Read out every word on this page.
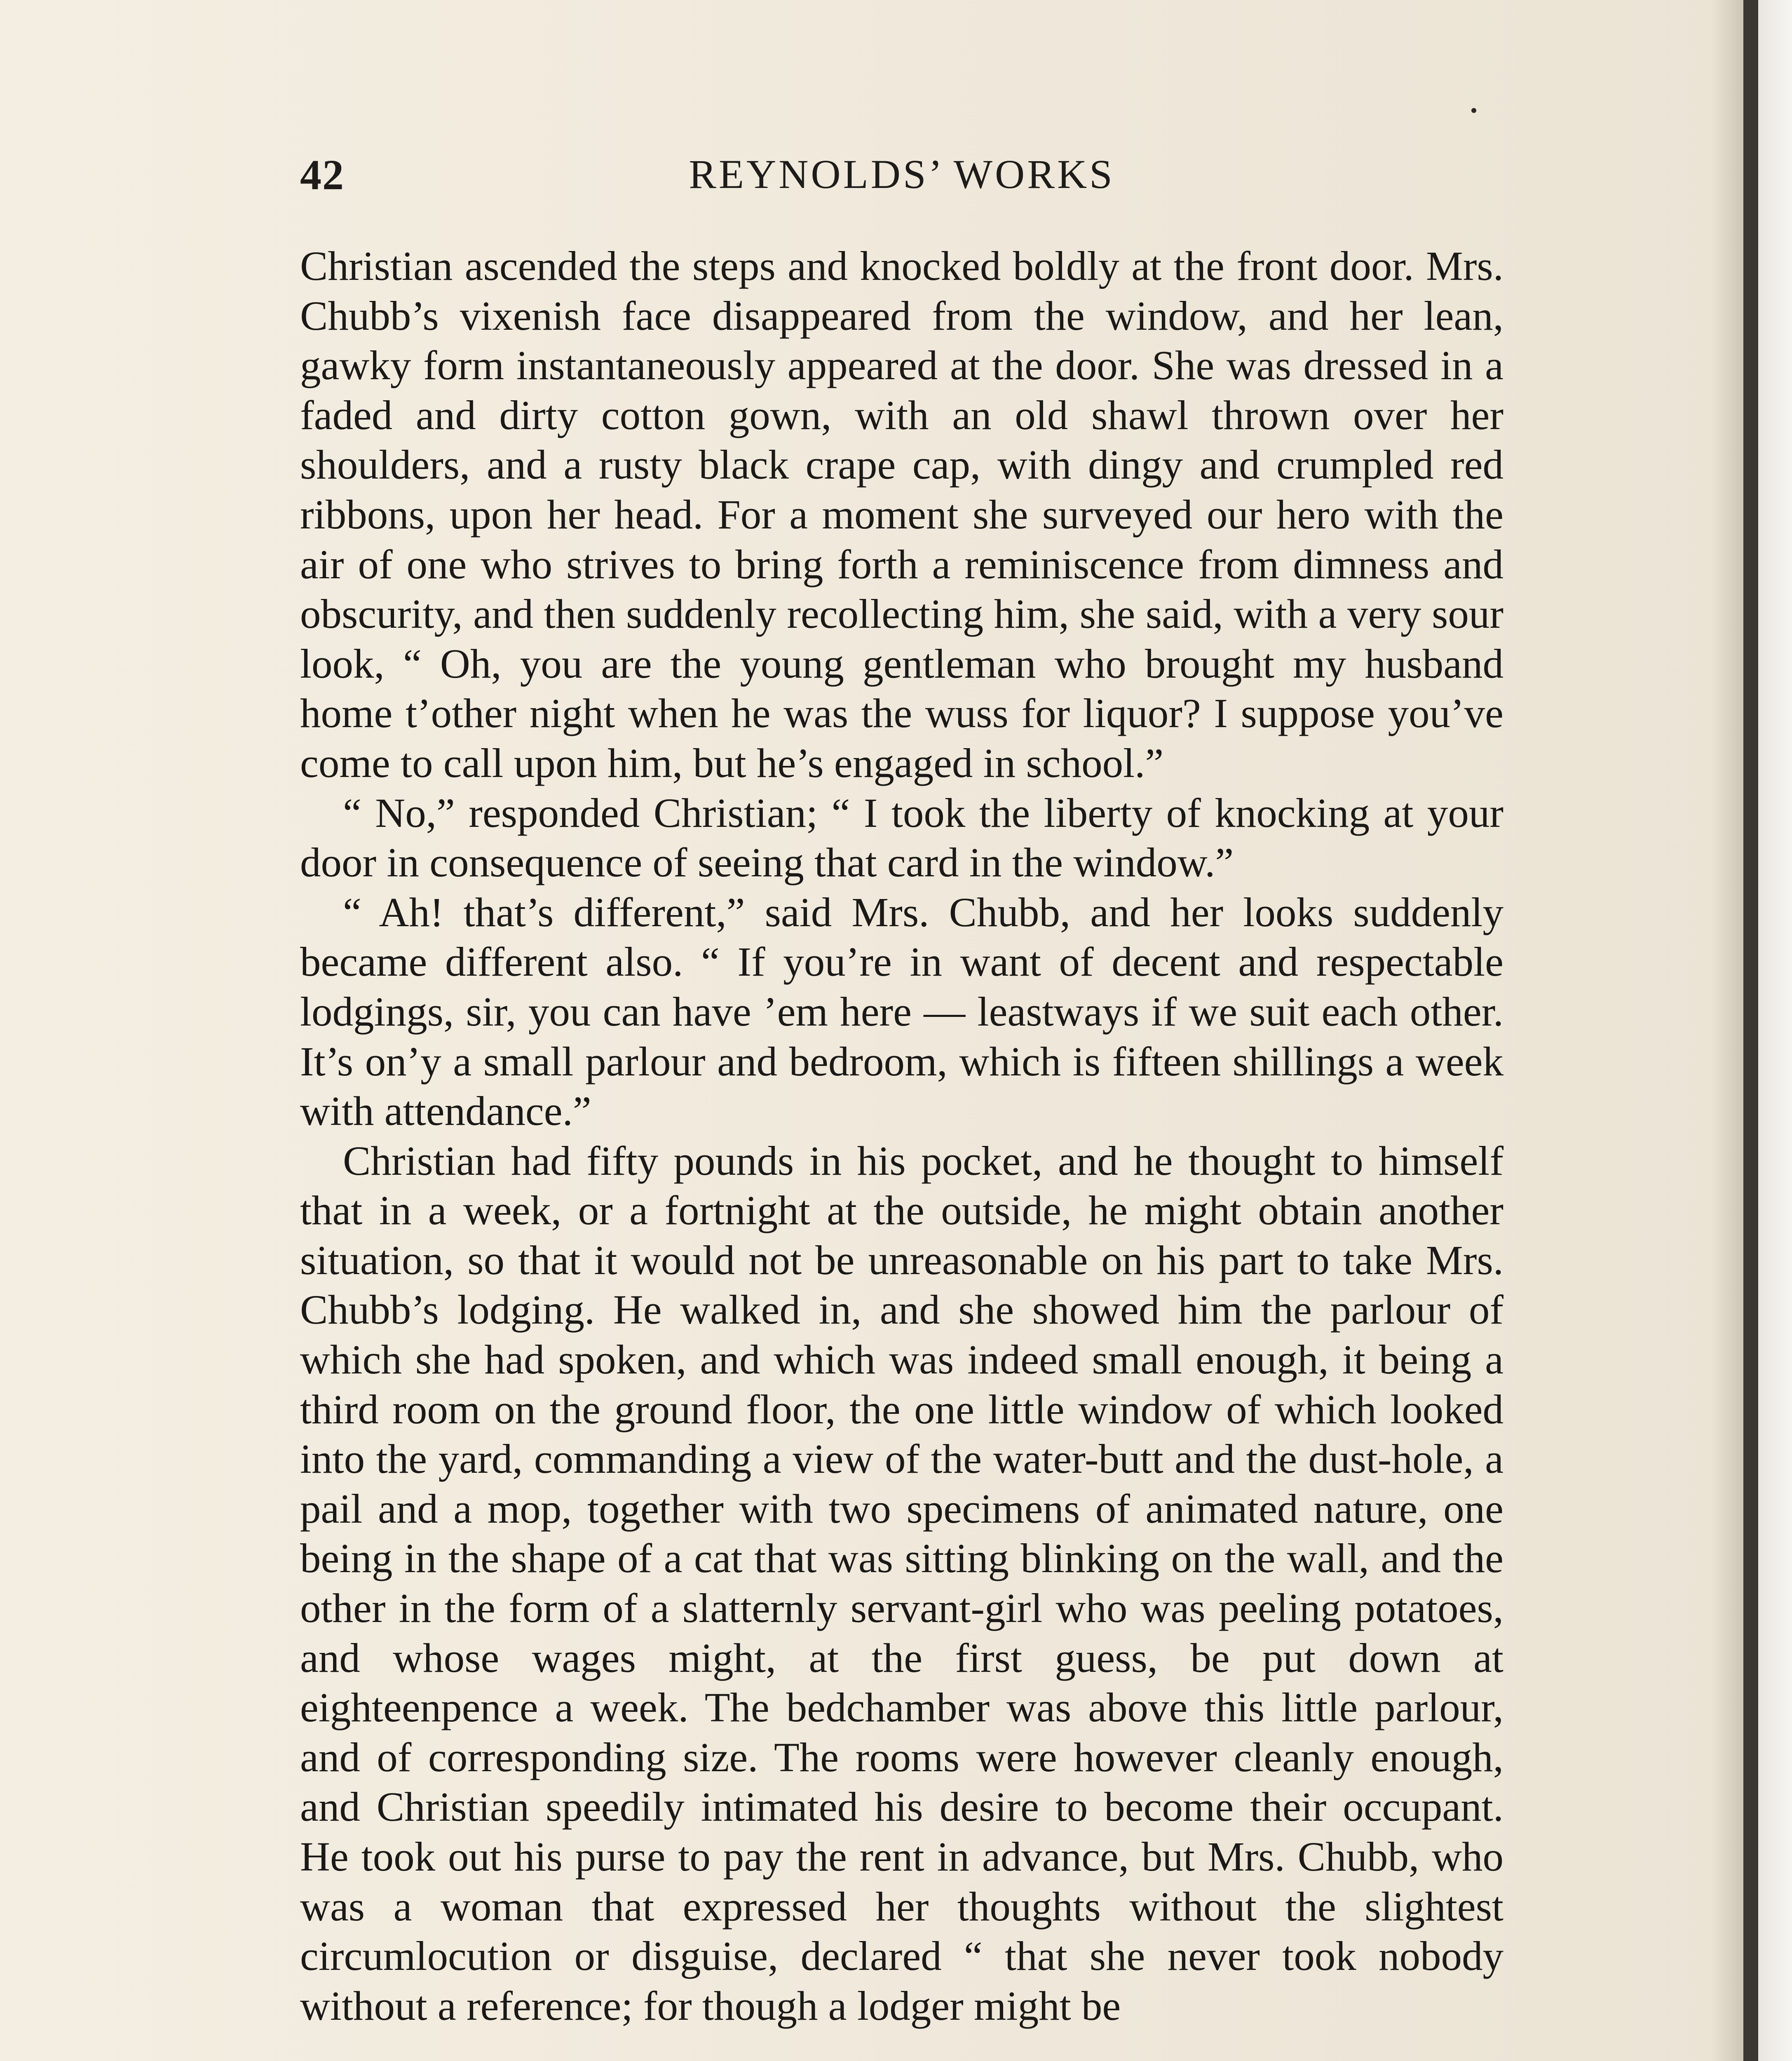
42	REYNOLDS’ WORKS

Christian ascended the steps and knocked boldly at the front door. Mrs. Chubb’s vixenish face disappeared from the window, and her lean, gawky form instantaneously appeared at the door. She was dressed in a faded and dirty cotton gown, with an old shawl thrown over her shoulders, and a rusty black crape cap, with dingy and crumpled red ribbons, upon her head. For a moment she surveyed our hero with the air of one who strives to bring forth a reminiscence from dimness and obscurity, and then suddenly recollecting him, she said, with a very sour look, “ Oh, you are the young gentleman who brought my husband home t’other night when he was the wuss for liquor? I suppose you’ve come to call upon him, but he’s engaged in school.”

“ No,” responded Christian; “ I took the liberty of knocking at your door in consequence of seeing that card in the window.”

“ Ah! that’s different,” said Mrs. Chubb, and her looks suddenly became different also. “ If you’re in want of decent and respectable lodgings, sir, you can have ’em here — leastways if we suit each other. It’s on’y a small parlour and bedroom, which is fifteen shillings a week with attendance.”

Christian had fifty pounds in his pocket, and he thought to himself that in a week, or a fortnight at the outside, he might obtain another situation, so that it would not be unreasonable on his part to take Mrs. Chubb’s lodging. He walked in, and she showed him the parlour of which she had spoken, and which was indeed small enough, it being a third room on the ground floor, the one little window of which looked into the yard, commanding a view of the water-butt and the dust-hole, a pail and a mop, together with two specimens of animated nature, one being in the shape of a cat that was sitting blinking on the wall, and the other in the form of a slatternly servant-girl who was peeling potatoes, and whose wages might, at the first guess, be put down at eighteenpence a week. The bedchamber was above this little parlour, and of corresponding size. The rooms were however cleanly enough, and Christian speedily intimated his desire to become their occupant. He took out his purse to pay the rent in advance, but Mrs. Chubb, who was a woman that expressed her thoughts without the slightest circumlocution or disguise, declared “ that she never took nobody without a reference; for though a lodger might be
